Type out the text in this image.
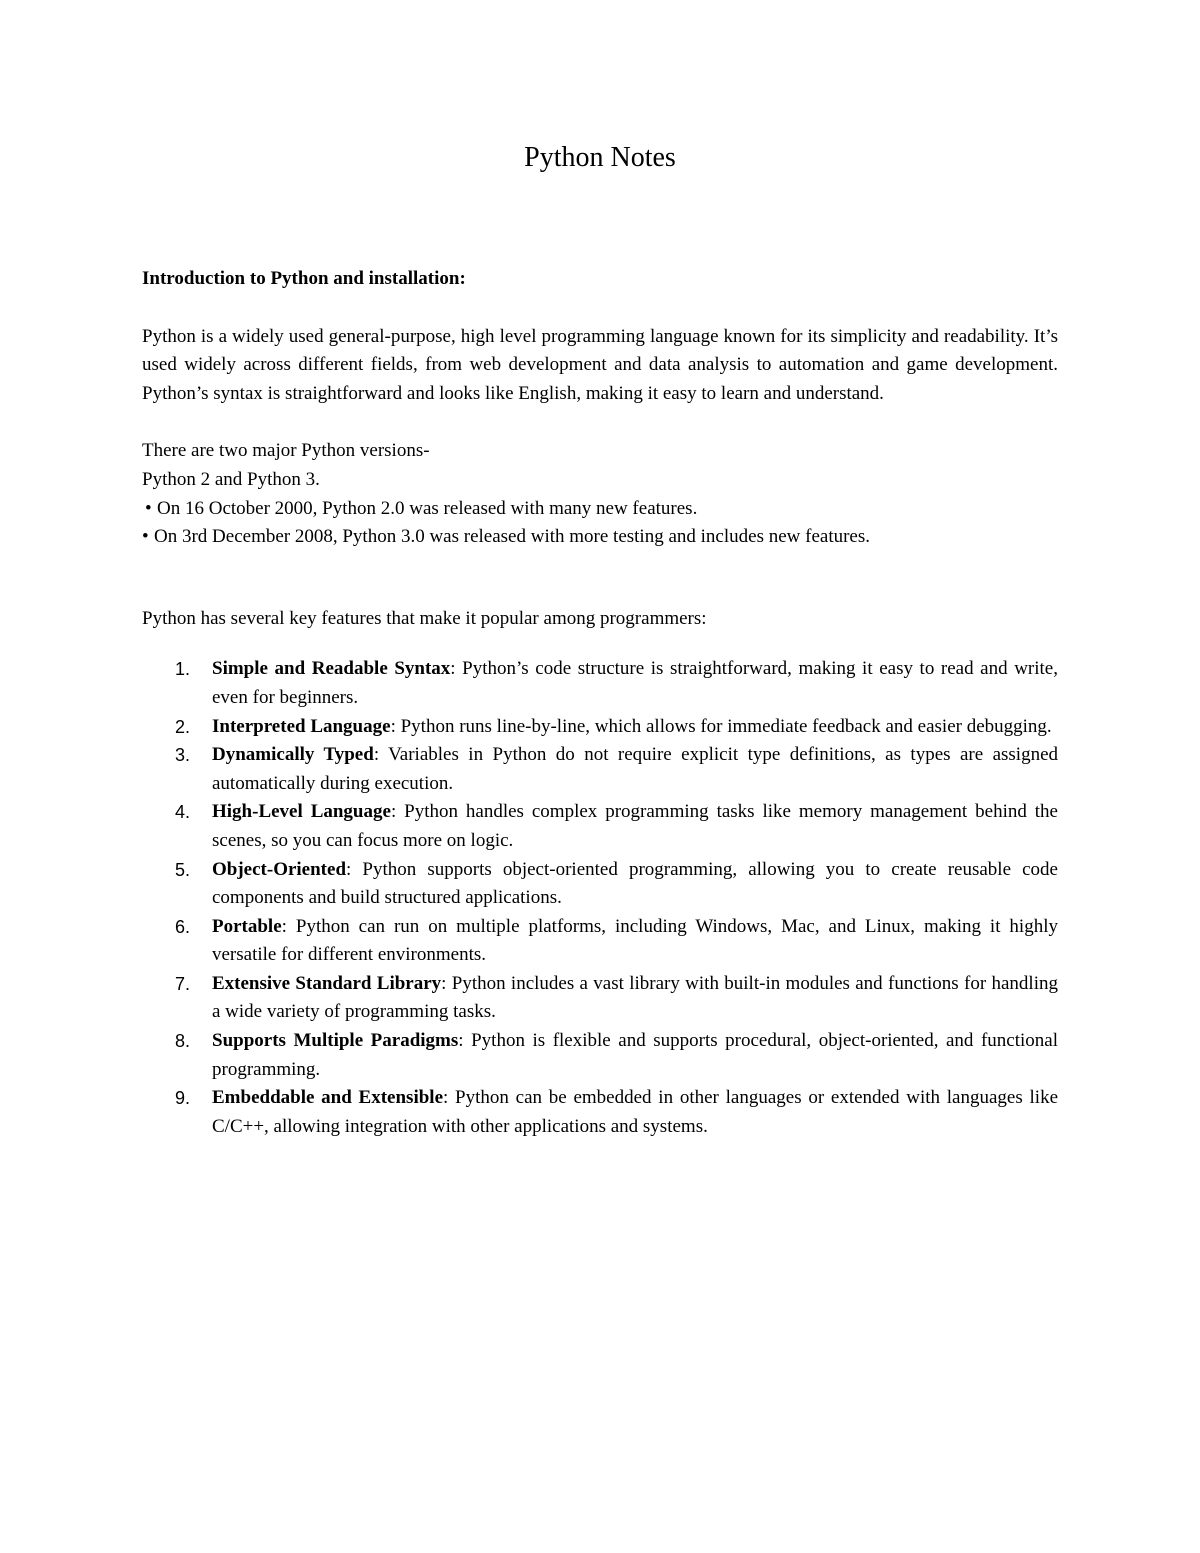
Python Notes

Introduction to Python and installation:

Python is a widely used general-purpose, high level programming language known for its simplicity and readability. It’s used widely across different fields, from web development and data analysis to automation and game development. Python’s syntax is straightforward and looks like English, making it easy to learn and understand.

There are two major Python versions-

Python 2 and Python 3.

• On 16 October 2000, Python 2.0 was released with many new features.

• On 3rd December 2008, Python 3.0 was released with more testing and includes new features.

Python has several key features that make it popular among programmers:

1. Simple and Readable Syntax: Python’s code structure is straightforward, making it easy to read and write, even for beginners.
2. Interpreted Language: Python runs line-by-line, which allows for immediate feedback and easier debugging.
3. Dynamically Typed: Variables in Python do not require explicit type definitions, as types are assigned automatically during execution.
4. High-Level Language: Python handles complex programming tasks like memory management behind the scenes, so you can focus more on logic.
5. Object-Oriented: Python supports object-oriented programming, allowing you to create reusable code components and build structured applications.
6. Portable: Python can run on multiple platforms, including Windows, Mac, and Linux, making it highly versatile for different environments.
7. Extensive Standard Library: Python includes a vast library with built-in modules and functions for handling a wide variety of programming tasks.
8. Supports Multiple Paradigms: Python is flexible and supports procedural, object-oriented, and functional programming.
9. Embeddable and Extensible: Python can be embedded in other languages or extended with languages like C/C++, allowing integration with other applications and systems.
